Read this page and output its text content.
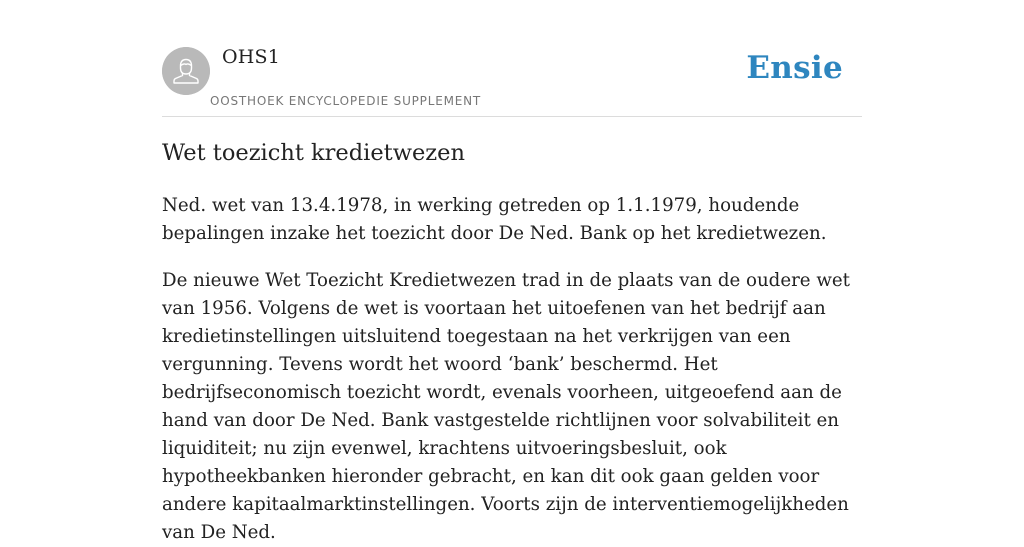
OHS1
OOSTHOEK ENCYCLOPEDIE SUPPLEMENT
Ensie
Wet toezicht kredietwezen

Ned. wet van 13.4.1978, in werking getreden op 1.1.1979, houdende bepalingen inzake het toezicht door De Ned. Bank op het kredietwezen.

De nieuwe Wet Toezicht Kredietwezen trad in de plaats van de oudere wet van 1956. Volgens de wet is voortaan het uitoefenen van het bedrijf aan kredietinstellingen uitsluitend toegestaan na het verkrijgen van een vergunning. Tevens wordt het woord ‘bank’ beschermd. Het bedrijfseconomisch toezicht wordt, evenals voorheen, uitgeoefend aan de hand van door De Ned. Bank vastgestelde richtlijnen voor solvabiliteit en liquiditeit; nu zijn evenwel, krachtens uitvoeringsbesluit, ook hypotheekbanken hieronder gebracht, en kan dit ook gaan gelden voor andere kapitaalmarktinstellingen. Voorts zijn de interventiemogelijkheden van De Ned.
